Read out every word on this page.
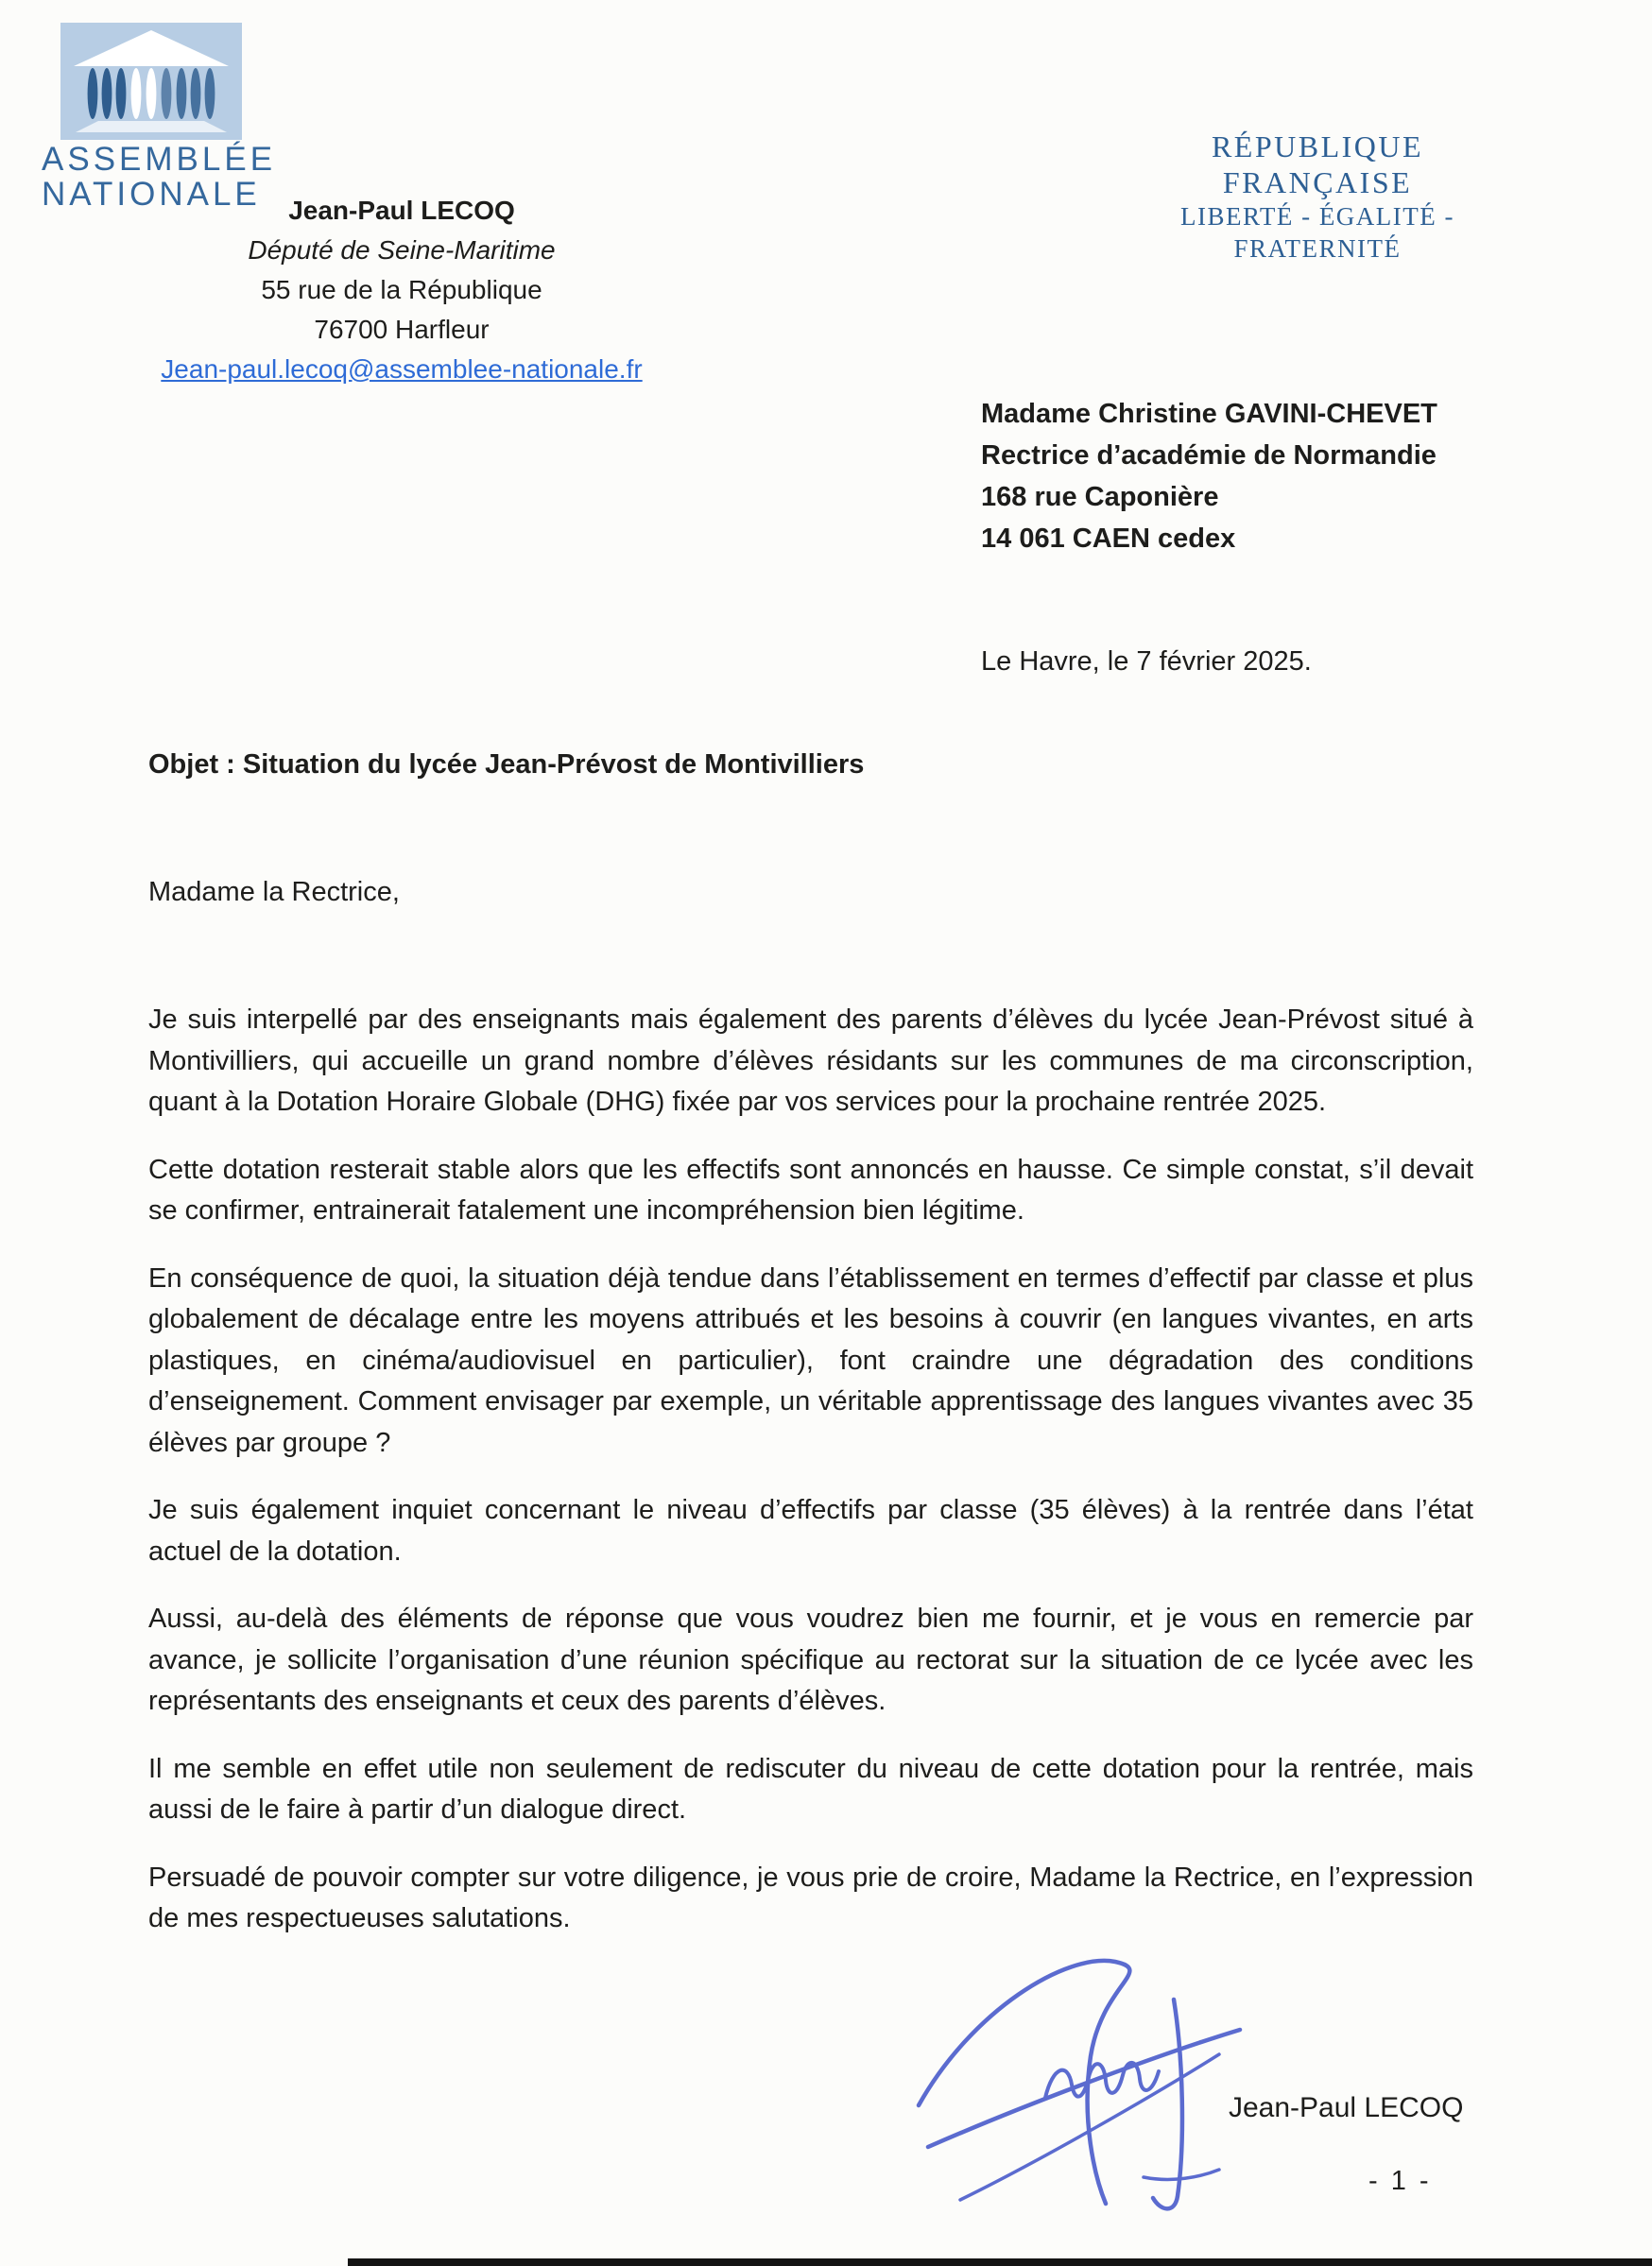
ASSEMBLÉE
NATIONALE	Jean-Paul LECOQ
Député de Seine-Maritime
55 rue de la République
76700 Harfleur
Jean-paul.lecoq@assemblee-nationale.fr
RÉPUBLIQUE FRANÇAISE
LIBERTÉ - ÉGALITÉ - FRATERNITÉ
Madame Christine GAVINI-CHEVET
Rectrice d’académie de Normandie
168 rue Caponière
14 061 CAEN cedex
Le Havre, le 7 février 2025.
Objet : Situation du lycée Jean-Prévost de Montivilliers
Madame la Rectrice,

Je suis interpellé par des enseignants mais également des parents d’élèves du lycée Jean-Prévost situé à Montivilliers, qui accueille un grand nombre d’élèves résidants sur les communes de ma circonscription, quant à la Dotation Horaire Globale (DHG) fixée par vos services pour la prochaine rentrée 2025.

Cette dotation resterait stable alors que les effectifs sont annoncés en hausse. Ce simple constat, s’il devait se confirmer, entrainerait fatalement une incompréhension bien légitime.

En conséquence de quoi, la situation déjà tendue dans l’établissement en termes d’effectif par classe et plus globalement de décalage entre les moyens attribués et les besoins à couvrir (en langues vivantes, en arts plastiques, en cinéma/audiovisuel en particulier), font craindre une dégradation des conditions d’enseignement. Comment envisager par exemple, un véritable apprentissage des langues vivantes avec 35 élèves par groupe ?

Je suis également inquiet concernant le niveau d’effectifs par classe (35 élèves) à la rentrée dans l’état actuel de la dotation.

Aussi, au-delà des éléments de réponse que vous voudrez bien me fournir, et je vous en remercie par avance, je sollicite l’organisation d’une réunion spécifique au rectorat sur la situation de ce lycée avec les représentants des enseignants et ceux des parents d’élèves.

Il me semble en effet utile non seulement de rediscuter du niveau de cette dotation pour la rentrée, mais aussi de le faire à partir d’un dialogue direct.

Persuadé de pouvoir compter sur votre diligence, je vous prie de croire, Madame la Rectrice, en l’expression de mes respectueuses salutations.

Jean-Paul LECOQ
- 1 -
